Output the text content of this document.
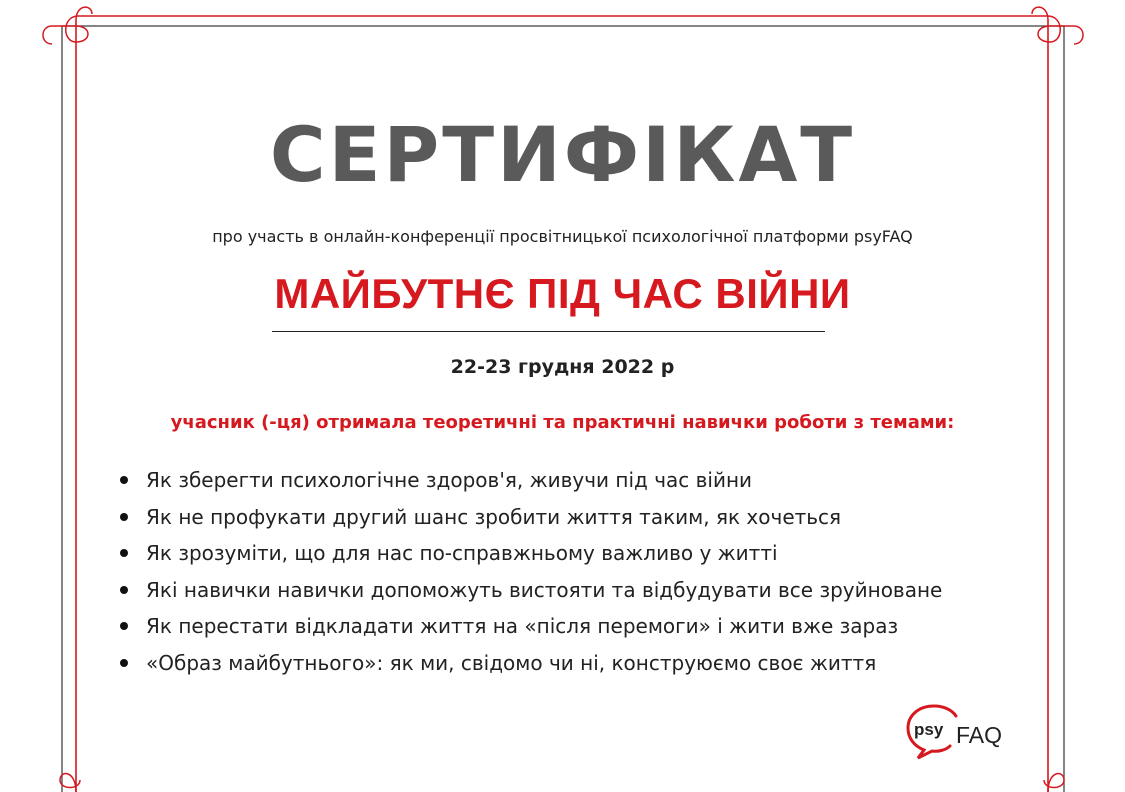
СЕРТИФІКАТ
про участь в онлайн-конференції просвітницької психологічної платформи psyFAQ
МАЙБУТНЄ ПІД ЧАС ВІЙНИ
22-23 грудня 2022 р
учасник (-ця) отримала теоретичні та практичні навички роботи з темами:
Як зберегти психологічне здоров'я, живучи під час війни
Як не профукати другий шанс зробити життя таким, як хочеться
Як зрозуміти, що для нас по-справжньому важливо у житті
Які навички навички допоможуть вистояти та відбудувати все зруйноване
Як перестати відкладати життя на «після перемоги» і жити вже зараз
«Образ майбутнього»: як ми, свідомо чи ні, конструюємо своє життя
psy FAQ
